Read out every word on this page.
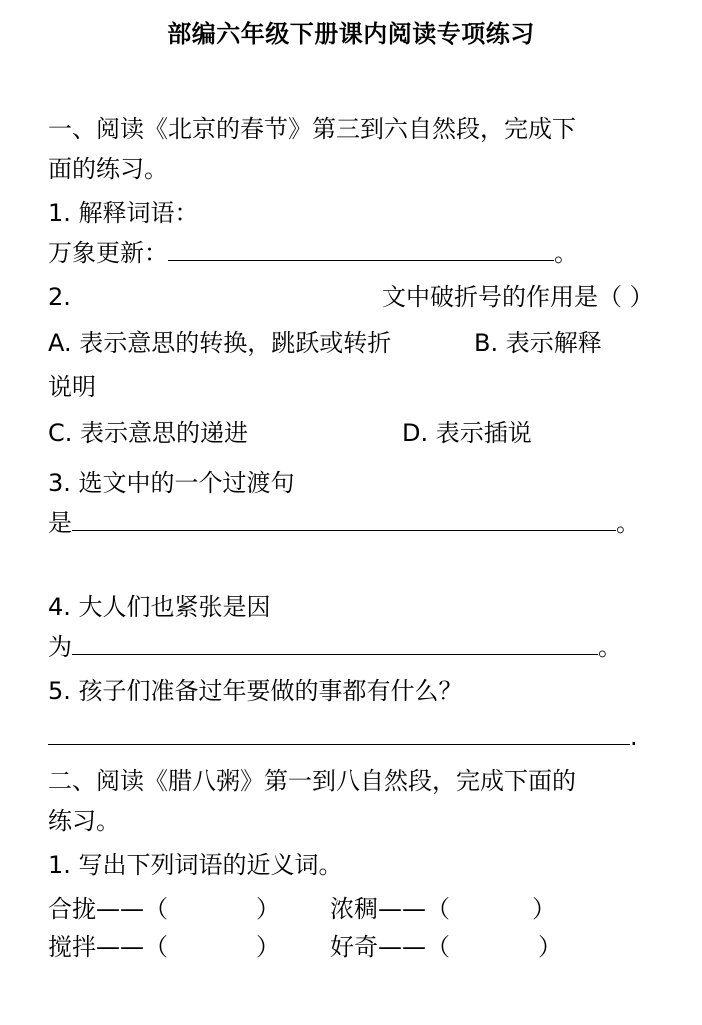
部编六年级下册课内阅读专项练习
一、阅读《北京的春节》第三到六自然段，完成下
面的练习。
1. 解释词语：
万象更新：	。
2.	文中破折号的作用是（ ）
A. 表示意思的转换，跳跃或转折	B. 表示解释
说明
C. 表示意思的递进	D. 表示插说
3. 选文中的一个过渡句
是	。
4. 大人们也紧张是因
为	。
5. 孩子们准备过年要做的事都有什么？
.
二、阅读《腊八粥》第一到八自然段，完成下面的
练习。
1. 写出下列词语的近义词。
合拢——（	） 浓稠——（	）
搅拌——（	） 好奇——（	）
